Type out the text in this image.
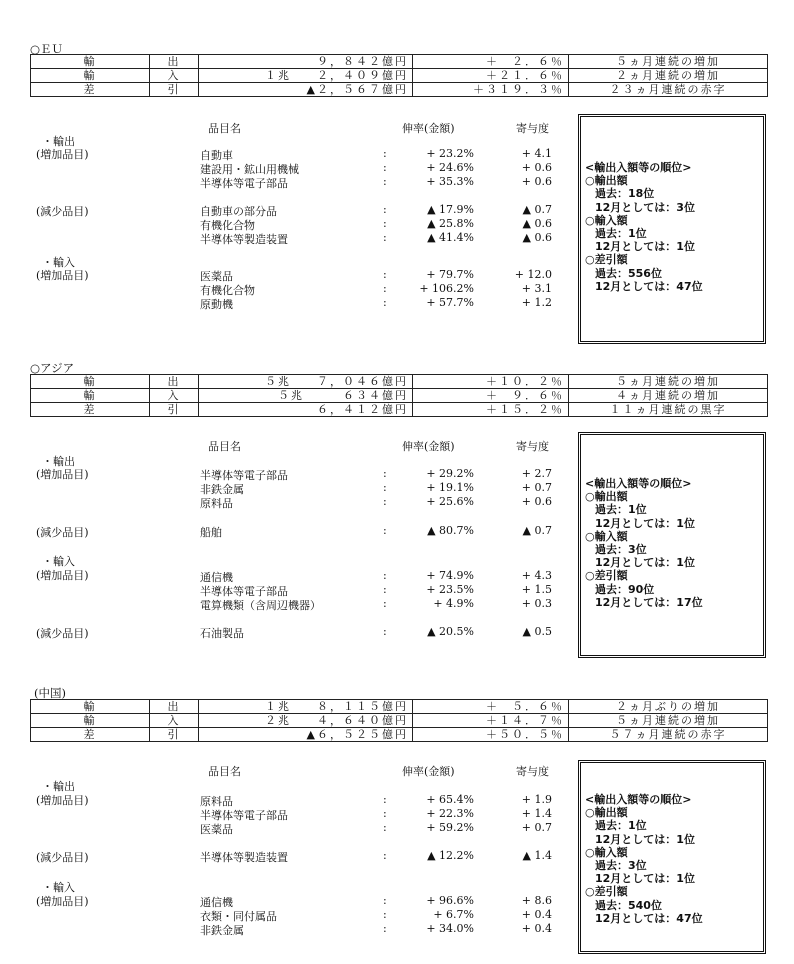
○ＥＵ
輸	出	９，８４２億円	＋　２．６％	５ヵ月連続の増加
輸	入	１兆　　２，４０９億円	＋２１．６％	２ヵ月連続の増加
差	引	▲２，５６７億円	＋３１９．３％	２３ヵ月連続の赤字
品目名	伸率(金額)	寄与度
・輸出
(増加品目)
(減少品目)
・輸入
(増加品目)
自動車	:	+ 23.2%	+ 4.1
建設用・鉱山用機械	:	+ 24.6%	+ 0.6
半導体等電子部品	:	+ 35.3%	+ 0.6
自動車の部分品	:	▲ 17.9%	▲ 0.7
有機化合物	:	▲ 25.8%	▲ 0.6
半導体等製造装置	:	▲ 41.4%	▲ 0.6
医薬品	:	+ 79.7%	+ 12.0
有機化合物	:	+ 106.2%	+ 3.1
原動機	:	+ 57.7%	+ 1.2
<輸出入額等の順位>
○輸出額
過去：18位
12月としては：3位
○輸入額
過去：1位
12月としては：1位
○差引額
過去：556位
12月としては：47位
○アジア
輸	出	５兆　　７，０４６億円	＋１０．２％	５ヵ月連続の増加
輸	入	５兆　　　６３４億円	＋　９．６％	４ヵ月連続の増加
差	引	６，４１２億円	＋１５．２％	１１ヵ月連続の黒字
品目名	伸率(金額)	寄与度
・輸出
(増加品目)
(減少品目)
・輸入
(増加品目)
(減少品目)
半導体等電子部品	:	+ 29.2%	+ 2.7
非鉄金属	:	+ 19.1%	+ 0.7
原料品	:	+ 25.6%	+ 0.6
船舶	:	▲ 80.7%	▲ 0.7
通信機	:	+ 74.9%	+ 4.3
半導体等電子部品	:	+ 23.5%	+ 1.5
電算機類（含周辺機器）	:	+ 4.9%	+ 0.3
石油製品	:	▲ 20.5%	▲ 0.5
<輸出入額等の順位>
○輸出額
過去：1位
12月としては：1位
○輸入額
過去：3位
12月としては：1位
○差引額
過去：90位
12月としては：17位
(中国)
輸	出	１兆　　８，１１５億円	＋　５．６％	２ヵ月ぶりの増加
輸	入	２兆　　４，６４０億円	＋１４．７％	５ヵ月連続の増加
差	引	▲６，５２５億円	＋５０．５％	５７ヵ月連続の赤字
品目名	伸率(金額)	寄与度
・輸出
(増加品目)
(減少品目)
・輸入
(増加品目)
原料品	:	+ 65.4%	+ 1.9
半導体等電子部品	:	+ 22.3%	+ 1.4
医薬品	:	+ 59.2%	+ 0.7
半導体等製造装置	:	▲ 12.2%	▲ 1.4
通信機	:	+ 96.6%	+ 8.6
衣類・同付属品	:	+ 6.7%	+ 0.4
非鉄金属	:	+ 34.0%	+ 0.4
<輸出入額等の順位>
○輸出額
過去：1位
12月としては：1位
○輸入額
過去：3位
12月としては：1位
○差引額
過去：540位
12月としては：47位
